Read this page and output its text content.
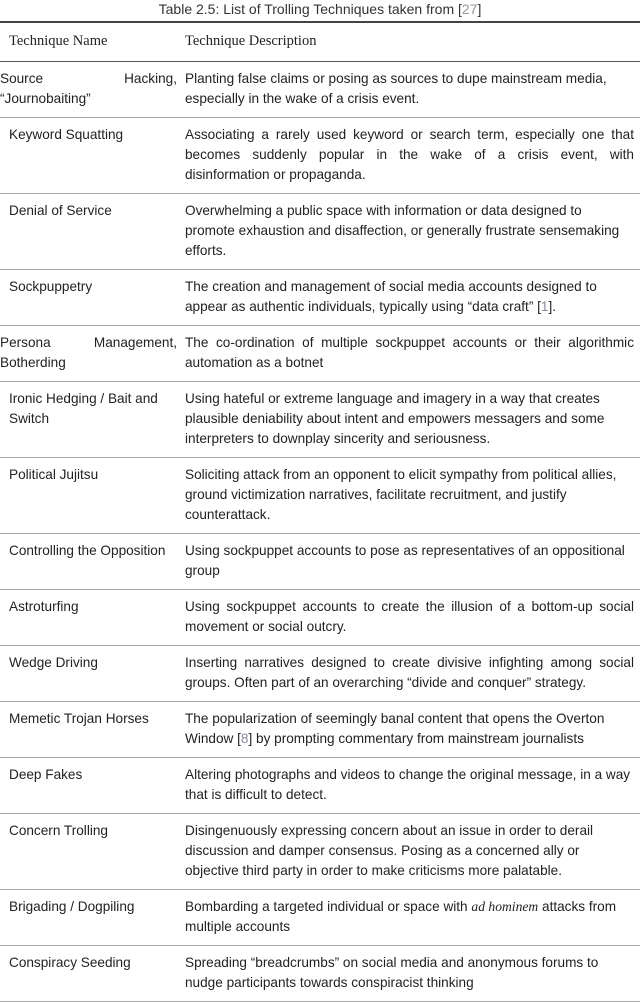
Table 2.5: List of Trolling Techniques taken from [27]
Technique Name	Technique Description
Source Hacking, “Journobaiting”	Planting false claims or posing as sources to dupe mainstream media, especially in the wake of a crisis event.
Keyword Squatting	Associating a rarely used keyword or search term, especially one that becomes suddenly popular in the wake of a crisis event, with disinformation or propaganda.
Denial of Service	Overwhelming a public space with information or data designed to promote exhaustion and disaffection, or generally frustrate sensemaking efforts.
Sockpuppetry	The creation and management of social media accounts designed to appear as authentic individuals, typically using “data craft” [1].
Persona Management, Botherding	The co-ordination of multiple sockpuppet accounts or their algorithmic automation as a botnet
Ironic Hedging / Bait and Switch	Using hateful or extreme language and imagery in a way that creates plausible deniability about intent and empowers messagers and some interpreters to downplay sincerity and seriousness.
Political Jujitsu	Soliciting attack from an opponent to elicit sympathy from political allies, ground victimization narratives, facilitate recruitment, and justify counterattack.
Controlling the Opposition	Using sockpuppet accounts to pose as representatives of an oppositional group
Astroturfing	Using sockpuppet accounts to create the illusion of a bottom-up social movement or social outcry.
Wedge Driving	Inserting narratives designed to create divisive infighting among social groups. Often part of an overarching “divide and conquer” strategy.
Memetic Trojan Horses	The popularization of seemingly banal content that opens the Overton Window [8] by prompting commentary from mainstream journalists
Deep Fakes	Altering photographs and videos to change the original message, in a way that is difficult to detect.
Concern Trolling	Disingenuously expressing concern about an issue in order to derail discussion and damper consensus. Posing as a concerned ally or objective third party in order to make criticisms more palatable.
Brigading / Dogpiling	Bombarding a targeted individual or space with ad hominem attacks from multiple accounts
Conspiracy Seeding	Spreading “breadcrumbs” on social media and anonymous forums to nudge participants towards conspiracist thinking
